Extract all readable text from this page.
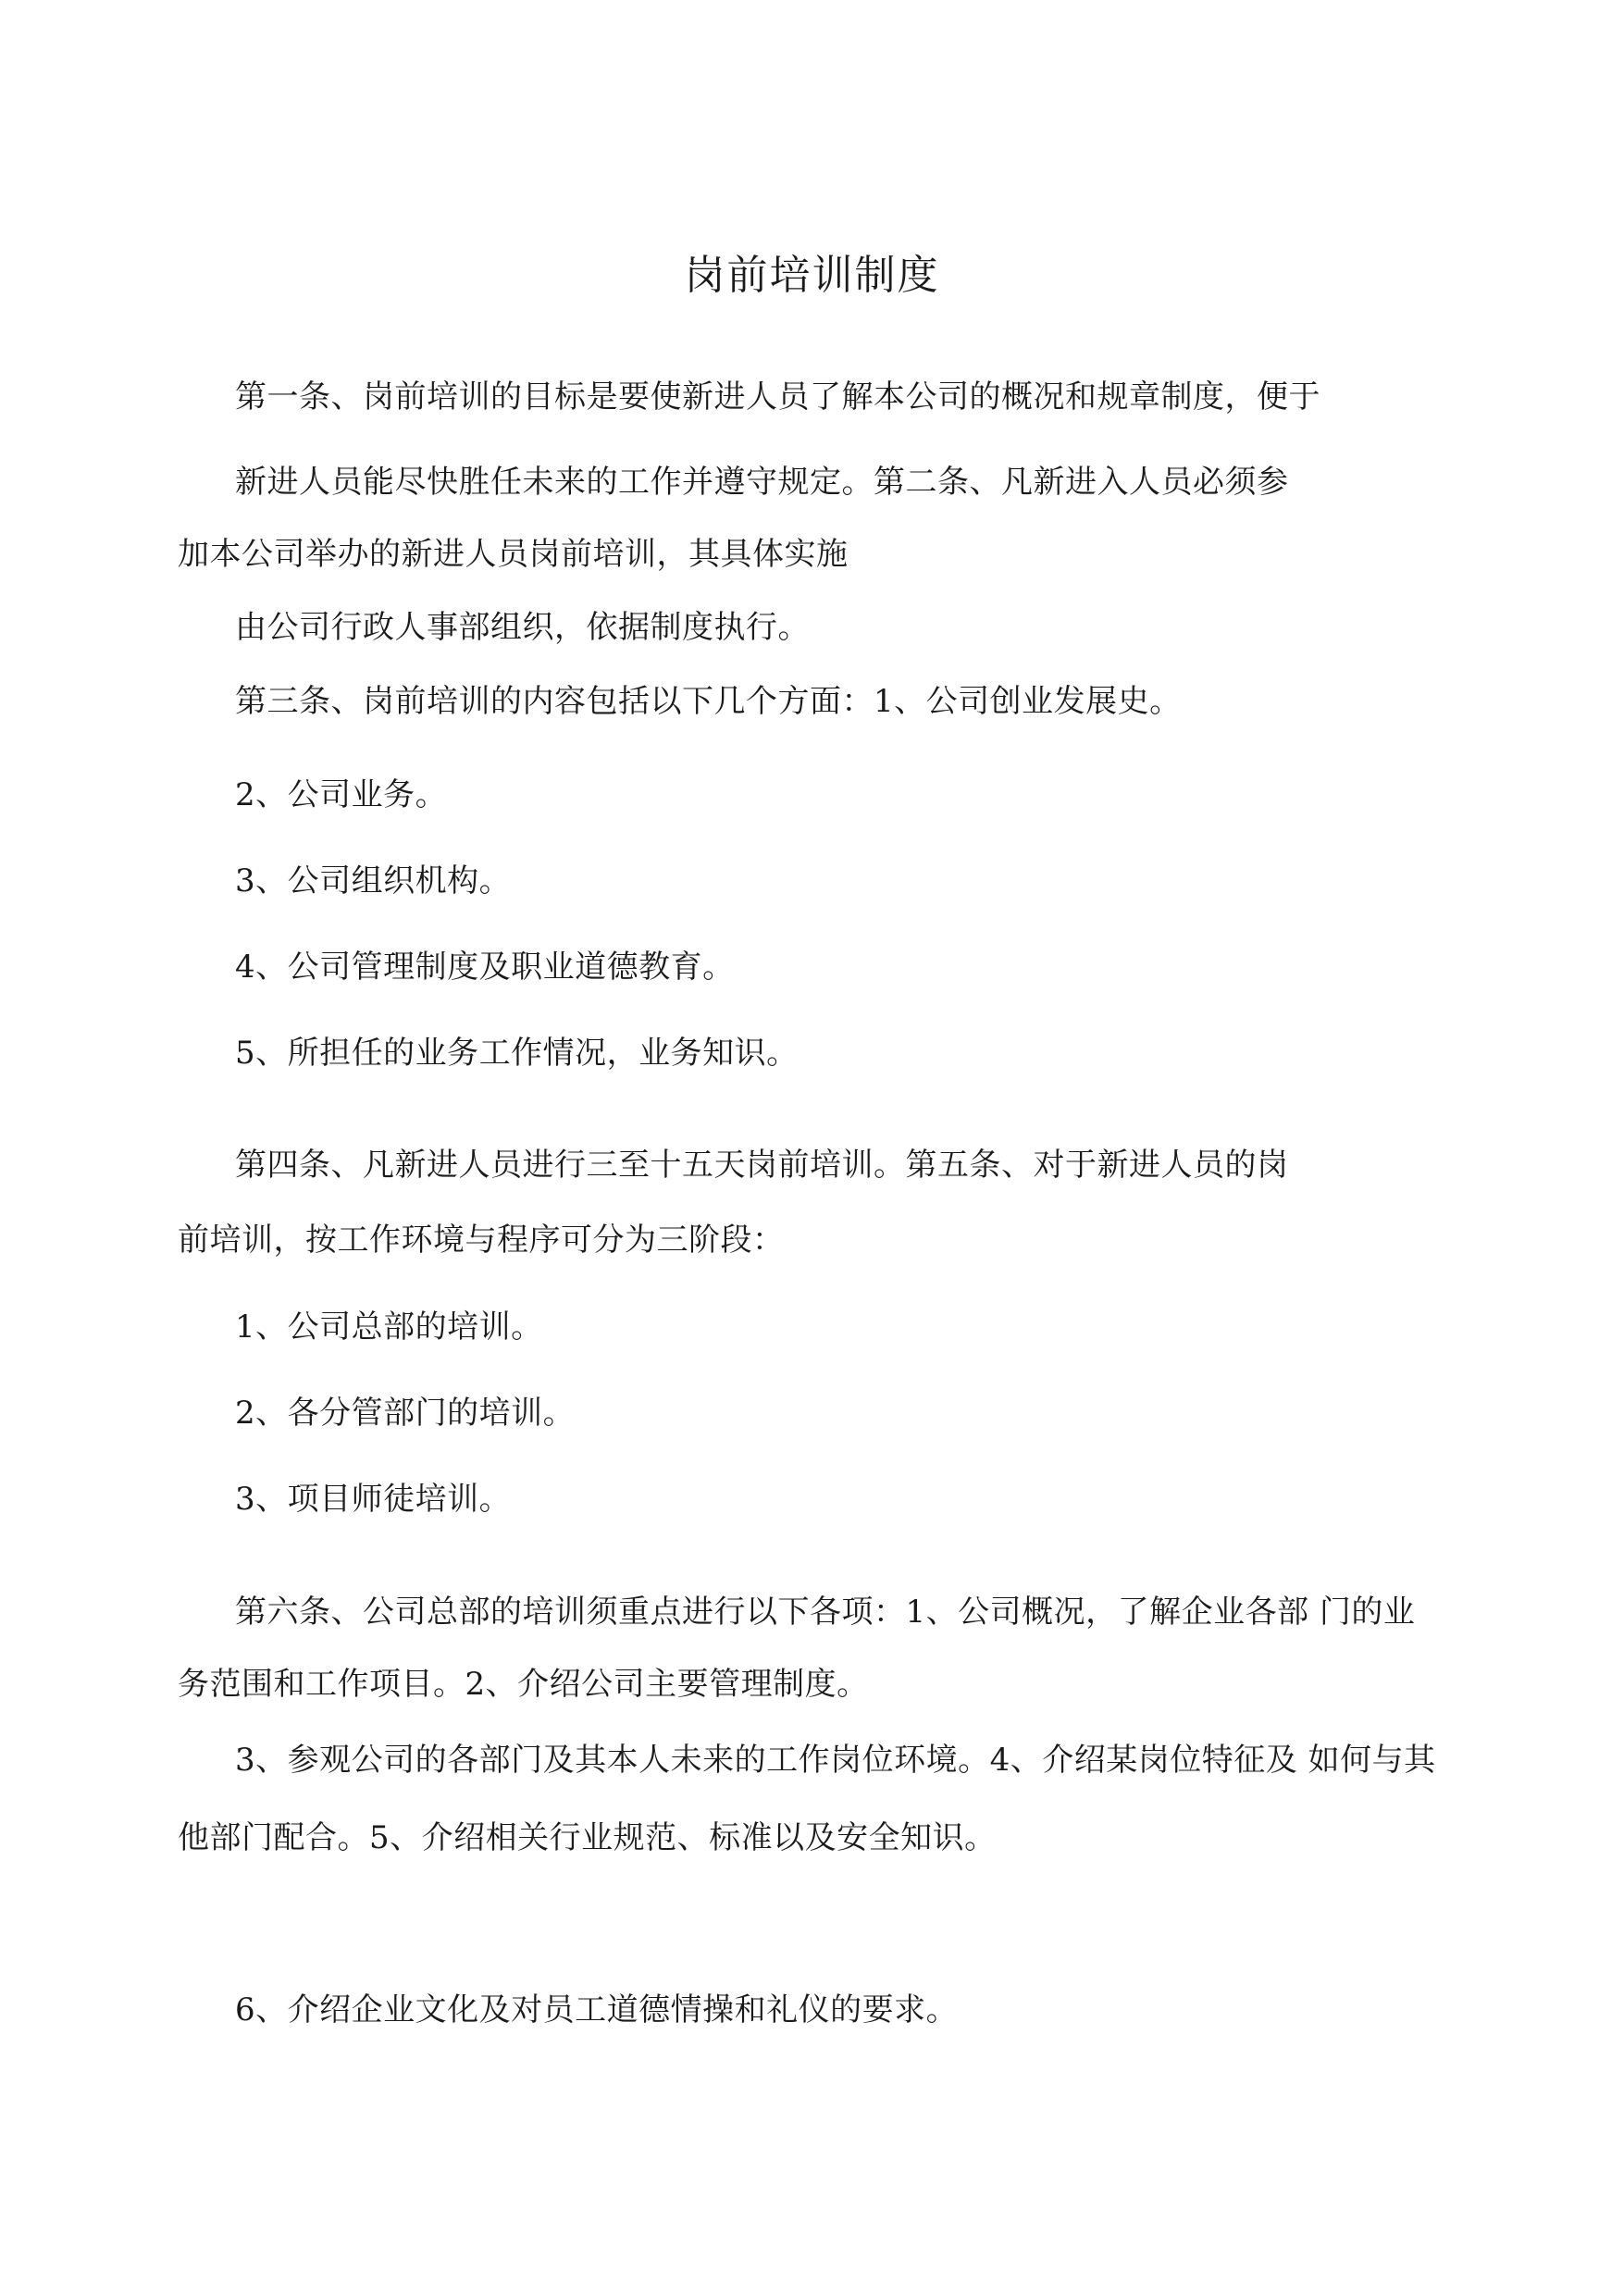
岗前培训制度
第一条、岗前培训的目标是要使新进人员了解本公司的概况和规章制度，便于
新进人员能尽快胜任未来的工作并遵守规定。第二条、凡新进入人员必须参
加本公司举办的新进人员岗前培训，其具体实施
由公司行政人事部组织，依据制度执行。
第三条、岗前培训的内容包括以下几个方面：1、公司创业发展史。
2、公司业务。
3、公司组织机构。
4、公司管理制度及职业道德教育。
5、所担任的业务工作情况，业务知识。
第四条、凡新进人员进行三至十五天岗前培训。第五条、对于新进人员的岗
前培训，按工作环境与程序可分为三阶段：
1、公司总部的培训。
2、各分管部门的培训。
3、项目师徒培训。
第六条、公司总部的培训须重点进行以下各项：1、公司概况，了解企业各部 门的业
务范围和工作项目。2、介绍公司主要管理制度。
3、参观公司的各部门及其本人未来的工作岗位环境。4、介绍某岗位特征及 如何与其
他部门配合。5、介绍相关行业规范、标准以及安全知识。
6、介绍企业文化及对员工道德情操和礼仪的要求。
